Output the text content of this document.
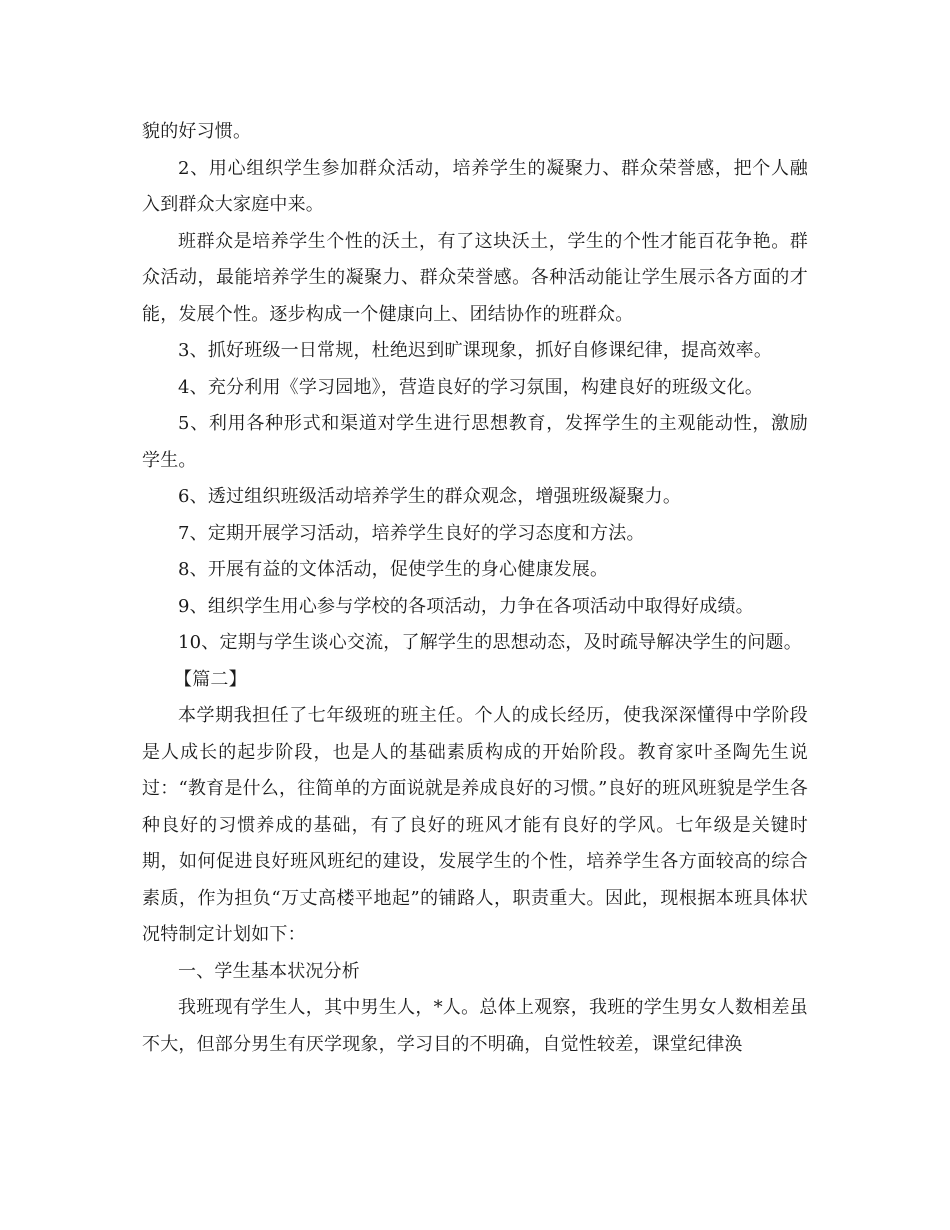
貌的好习惯。

2、用心组织学生参加群众活动，培养学生的凝聚力、群众荣誉感，把个人融入到群众大家庭中来。

班群众是培养学生个性的沃土，有了这块沃土，学生的个性才能百花争艳。群众活动，最能培养学生的凝聚力、群众荣誉感。各种活动能让学生展示各方面的才能，发展个性。逐步构成一个健康向上、团结协作的班群众。

3、抓好班级一日常规，杜绝迟到旷课现象，抓好自修课纪律，提高效率。

4、充分利用《学习园地》，营造良好的学习氛围，构建良好的班级文化。

5、利用各种形式和渠道对学生进行思想教育，发挥学生的主观能动性，激励学生。

6、透过组织班级活动培养学生的群众观念，增强班级凝聚力。

7、定期开展学习活动，培养学生良好的学习态度和方法。

8、开展有益的文体活动，促使学生的身心健康发展。

9、组织学生用心参与学校的各项活动，力争在各项活动中取得好成绩。

10、定期与学生谈心交流，了解学生的思想动态，及时疏导解决学生的问题。

【篇二】

本学期我担任了七年级班的班主任。个人的成长经历，使我深深懂得中学阶段是人成长的起步阶段，也是人的基础素质构成的开始阶段。教育家叶圣陶先生说过：“教育是什么，往简单的方面说就是养成良好的习惯。”良好的班风班貌是学生各种良好的习惯养成的基础，有了良好的班风才能有良好的学风。七年级是关键时期，如何促进良好班风班纪的建设，发展学生的个性，培养学生各方面较高的综合素质，作为担负“万丈高楼平地起”的铺路人，职责重大。因此，现根据本班具体状况特制定计划如下：

一、学生基本状况分析

我班现有学生人，其中男生人，*人。总体上观察，我班的学生男女人数相差虽不大，但部分男生有厌学现象，学习目的不明确，自觉性较差，课堂纪律涣
